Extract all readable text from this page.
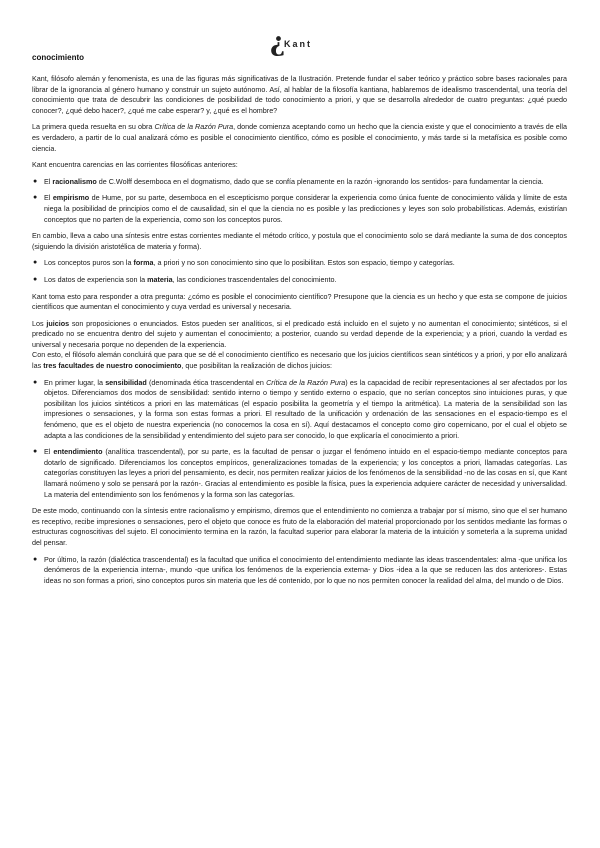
¿
Kant
conocimiento

Kant, filósofo alemán y fenomenista, es una de las figuras más significativas de la Ilustración. Pretende fundar el saber teórico y práctico sobre bases racionales para librar de la ignorancia al género humano y construir un sujeto autónomo. Así, al hablar de la filosofía kantiana, hablaremos de idealismo trascendental, una teoría del conocimiento que trata de descubrir las condiciones de posibilidad de todo conocimiento a priori, y que se desarrolla alrededor de cuatro preguntas: ¿qué puedo conocer?, ¿qué debo hacer?, ¿qué me cabe esperar? y, ¿qué es el hombre?

La primera queda resuelta en su obra Crítica de la Razón Pura, donde comienza aceptando como un hecho que la ciencia existe y que el conocimiento a través de ella es verdadero, a partir de lo cual analizará cómo es posible el conocimiento científico, cómo es posible el conocimiento, y más tarde si la metafísica es posible como ciencia.

Kant encuentra carencias en las corrientes filosóficas anteriores:

● El racionalismo de C.Wolff desemboca en el dogmatismo, dado que se confía plenamente en la razón -ignorando los sentidos- para fundamentar la ciencia.
● El empirismo de Hume, por su parte, desemboca en el escepticismo porque considerar la experiencia como única fuente de conocimiento válida y límite de esta niega la posibilidad de principios como el de causalidad, sin el que la ciencia no es posible y las predicciones y leyes son solo probabilísticas. Además, existirían conceptos que no parten de la experiencia, como son los conceptos puros.

En cambio, lleva a cabo una síntesis entre estas corrientes mediante el método crítico, y postula que el conocimiento solo se dará mediante la suma de dos conceptos (siguiendo la división aristotélica de materia y forma).

● Los conceptos puros son la forma, a priori y no son conocimiento sino que lo posibilitan. Estos son espacio, tiempo y categorías.
● Los datos de experiencia son la materia, las condiciones trascendentales del conocimiento.

Kant toma esto para responder a otra pregunta: ¿cómo es posible el conocimiento científico? Presupone que la ciencia es un hecho y que esta se compone de juicios científicos que aumentan el conocimiento y cuya verdad es universal y necesaria.

Los juicios son proposiciones o enunciados. Estos pueden ser analíticos, si el predicado está incluido en el sujeto y no aumentan el conocimiento; sintéticos, si el predicado no se encuentra dentro del sujeto y aumentan el conocimiento; a posterior, cuando su verdad depende de la experiencia; y a priori, cuando la verdad es universal y necesaria porque no dependen de la experiencia.
Con esto, el filósofo alemán concluirá que para que se dé el conocimiento científico es necesario que los juicios científicos sean sintéticos y a priori, y por ello analizará las tres facultades de nuestro conocimiento, que posibilitan la realización de dichos juicios:

● En primer lugar, la sensibilidad (denominada ética trascendental en Crítica de la Razón Pura) es la capacidad de recibir representaciones al ser afectados por los objetos. Diferenciamos dos modos de sensibilidad: sentido interno o tiempo y sentido externo o espacio, que no serían conceptos sino intuiciones puras, y que posibilitan los juicios sintéticos a priori en las matemáticas (el espacio posibilita la geometría y el tiempo la aritmética). La materia de la sensibilidad son las impresiones o sensaciones, y la forma son estas formas a priori. El resultado de la unificación y ordenación de las sensaciones en el espacio-tiempo es el fenómeno, que es el objeto de nuestra experiencia (no conocemos la cosa en sí). Aquí destacamos el concepto como giro copernicano, por el cual el objeto se adapta a las condiciones de la sensibilidad y entendimiento del sujeto para ser conocido, lo que explicaría el conocimiento a priori.
● El entendimiento (analítica trascendental), por su parte, es la facultad de pensar o juzgar el fenómeno intuido en el espacio-tiempo mediante conceptos para dotarlo de significado. Diferenciamos los conceptos empíricos, generalizaciones tomadas de la experiencia; y los conceptos a priori, llamadas categorías. Las categorías constituyen las leyes a priori del pensamiento, es decir, nos permiten realizar juicios de los fenómenos de la sensibilidad -no de las cosas en sí, que Kant llamará noúmeno y solo se pensará por la razón-. Gracias al entendimiento es posible la física, pues la experiencia adquiere carácter de necesidad y universalidad. La materia del entendimiento son los fenómenos y la forma son las categorías.

De este modo, continuando con la síntesis entre racionalismo y empirismo, diremos que el entendimiento no comienza a trabajar por sí mismo, sino que el ser humano es receptivo, recibe impresiones o sensaciones, pero el objeto que conoce es fruto de la elaboración del material proporcionado por los sentidos mediante las formas o estructuras cognoscitivas del sujeto. El conocimiento termina en la razón, la facultad superior para elaborar la materia de la intuición y someterla a la suprema unidad del pensar.

● Por último, la razón (dialéctica trascendental) es la facultad que unifica el conocimiento del entendimiento mediante las ideas trascendentales: alma -que unifica los denómeros de la experiencia interna-, mundo -que unifica los fenómenos de la experiencia externa- y Dios -idea a la que se reducen las dos anteriores-. Estas ideas no son formas a priori, sino conceptos puros sin materia que les dé contenido, por lo que no nos permiten conocer la realidad del alma, del mundo o de Dios.
